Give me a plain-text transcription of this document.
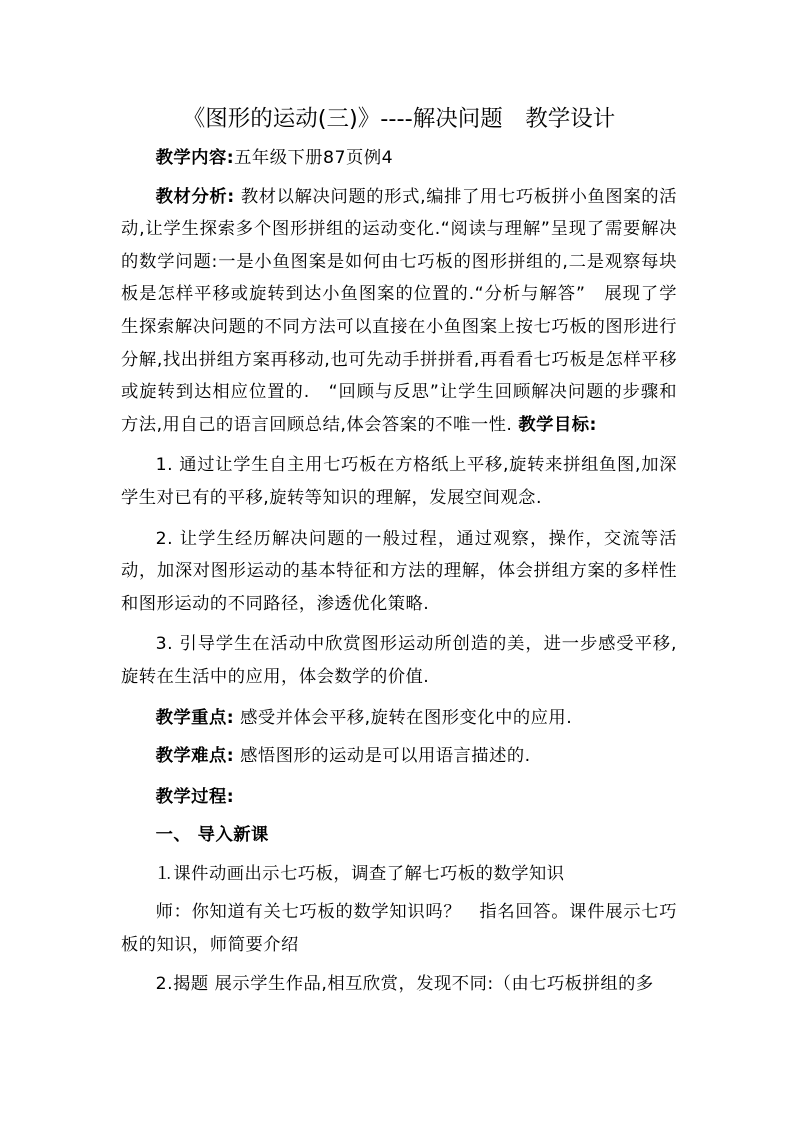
《图形的运动(三)》----解决问题　教学设计

教学内容:五年级下册87页例4

教材分析: 教材以解决问题的形式,编排了用七巧板拼小鱼图案的活动,让学生探索多个图形拼组的运动变化.“阅读与理解”呈现了需要解决的数学问题:一是小鱼图案是如何由七巧板的图形拼组的,二是观察每块板是怎样平移或旋转到达小鱼图案的位置的.“分析与解答”　展现了学生探索解决问题的不同方法可以直接在小鱼图案上按七巧板的图形进行分解,找出拼组方案再移动,也可先动手拼拼看,再看看七巧板是怎样平移或旋转到达相应位置的.　“回顾与反思”让学生回顾解决问题的步骤和方法,用自己的语言回顾总结,体会答案的不唯一性. 教学目标:

1. 通过让学生自主用七巧板在方格纸上平移,旋转来拼组鱼图,加深学生对已有的平移,旋转等知识的理解，发展空间观念.

2. 让学生经历解决问题的一般过程，通过观察，操作，交流等活动，加深对图形运动的基本特征和方法的理解，体会拼组方案的多样性和图形运动的不同路径，渗透优化策略.

3. 引导学生在活动中欣赏图形运动所创造的美，进一步感受平移,旋转在生活中的应用，体会数学的价值.

教学重点: 感受并体会平移,旋转在图形变化中的应用.

教学难点: 感悟图形的运动是可以用语言描述的.

教学过程:

一、 导入新课

⒈课件动画出示七巧板，调查了解七巧板的数学知识

师：你知道有关七巧板的数学知识吗？　指名回答。课件展示七巧板的知识，师简要介绍

2.揭题 展示学生作品,相互欣赏，发现不同:（由七巧板拼组的多
